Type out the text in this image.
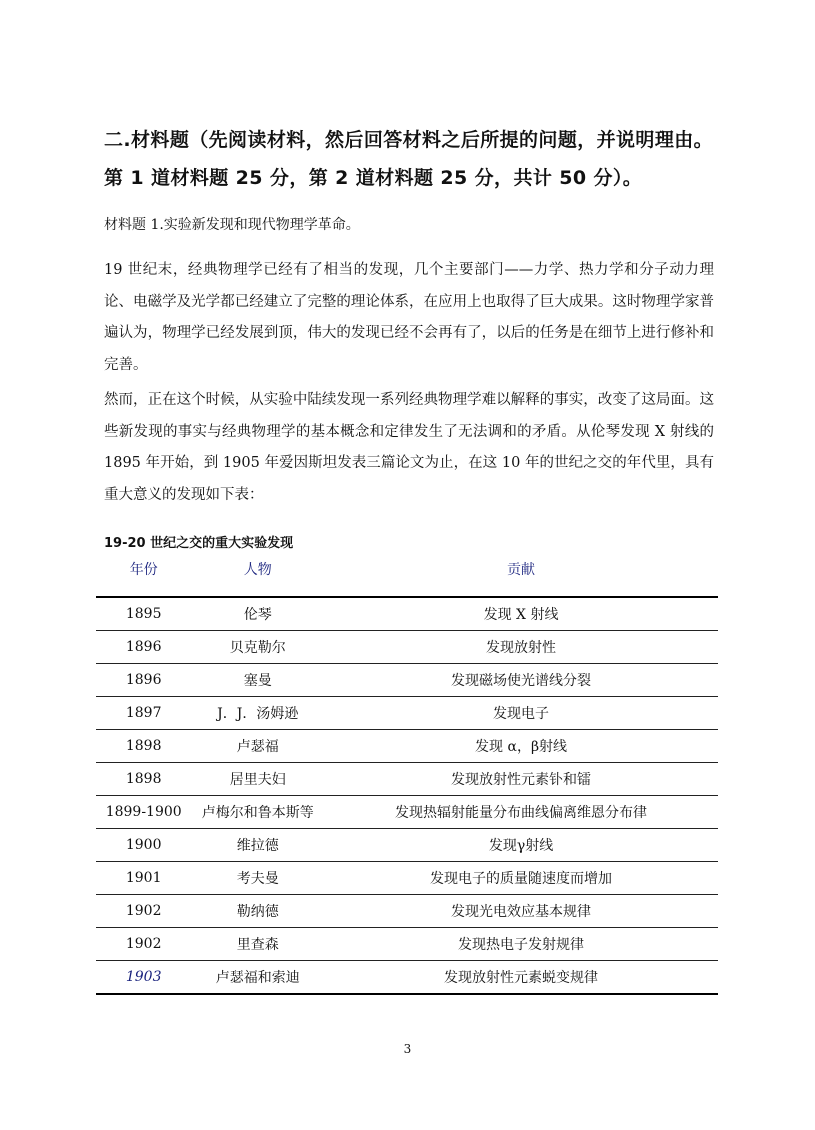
二.材料题（先阅读材料，然后回答材料之后所提的问题，并说明理由。第 1 道材料题 25 分，第 2 道材料题 25 分，共计 50 分）。

材料题 1.实验新发现和现代物理学革命。

19 世纪末，经典物理学已经有了相当的发现，几个主要部门——力学、热力学和分子动力理论、电磁学及光学都已经建立了完整的理论体系，在应用上也取得了巨大成果。这时物理学家普遍认为，物理学已经发展到顶，伟大的发现已经不会再有了，以后的任务是在细节上进行修补和完善。

然而，正在这个时候，从实验中陆续发现一系列经典物理学难以解释的事实，改变了这局面。这些新发现的事实与经典物理学的基本概念和定律发生了无法调和的矛盾。从伦琴发现 X 射线的 1895 年开始，到 1905 年爱因斯坦发表三篇论文为止，在这 10 年的世纪之交的年代里，具有重大意义的发现如下表：

19-20 世纪之交的重大实验发现

年份	人物	贡献
1895	伦琴	发现 X 射线
1896	贝克勒尔	发现放射性
1896	塞曼	发现磁场使光谱线分裂
1897	J．J．汤姆逊	发现电子
1898	卢瑟福	发现 α，β射线
1898	居里夫妇	发现放射性元素钋和镭
1899-1900	卢梅尔和鲁本斯等	发现热辐射能量分布曲线偏离维恩分布律
1900	维拉德	发现γ射线
1901	考夫曼	发现电子的质量随速度而增加
1902	勒纳德	发现光电效应基本规律
1902	里查森	发现热电子发射规律
1903	卢瑟福和索迪	发现放射性元素蜕变规律
3
